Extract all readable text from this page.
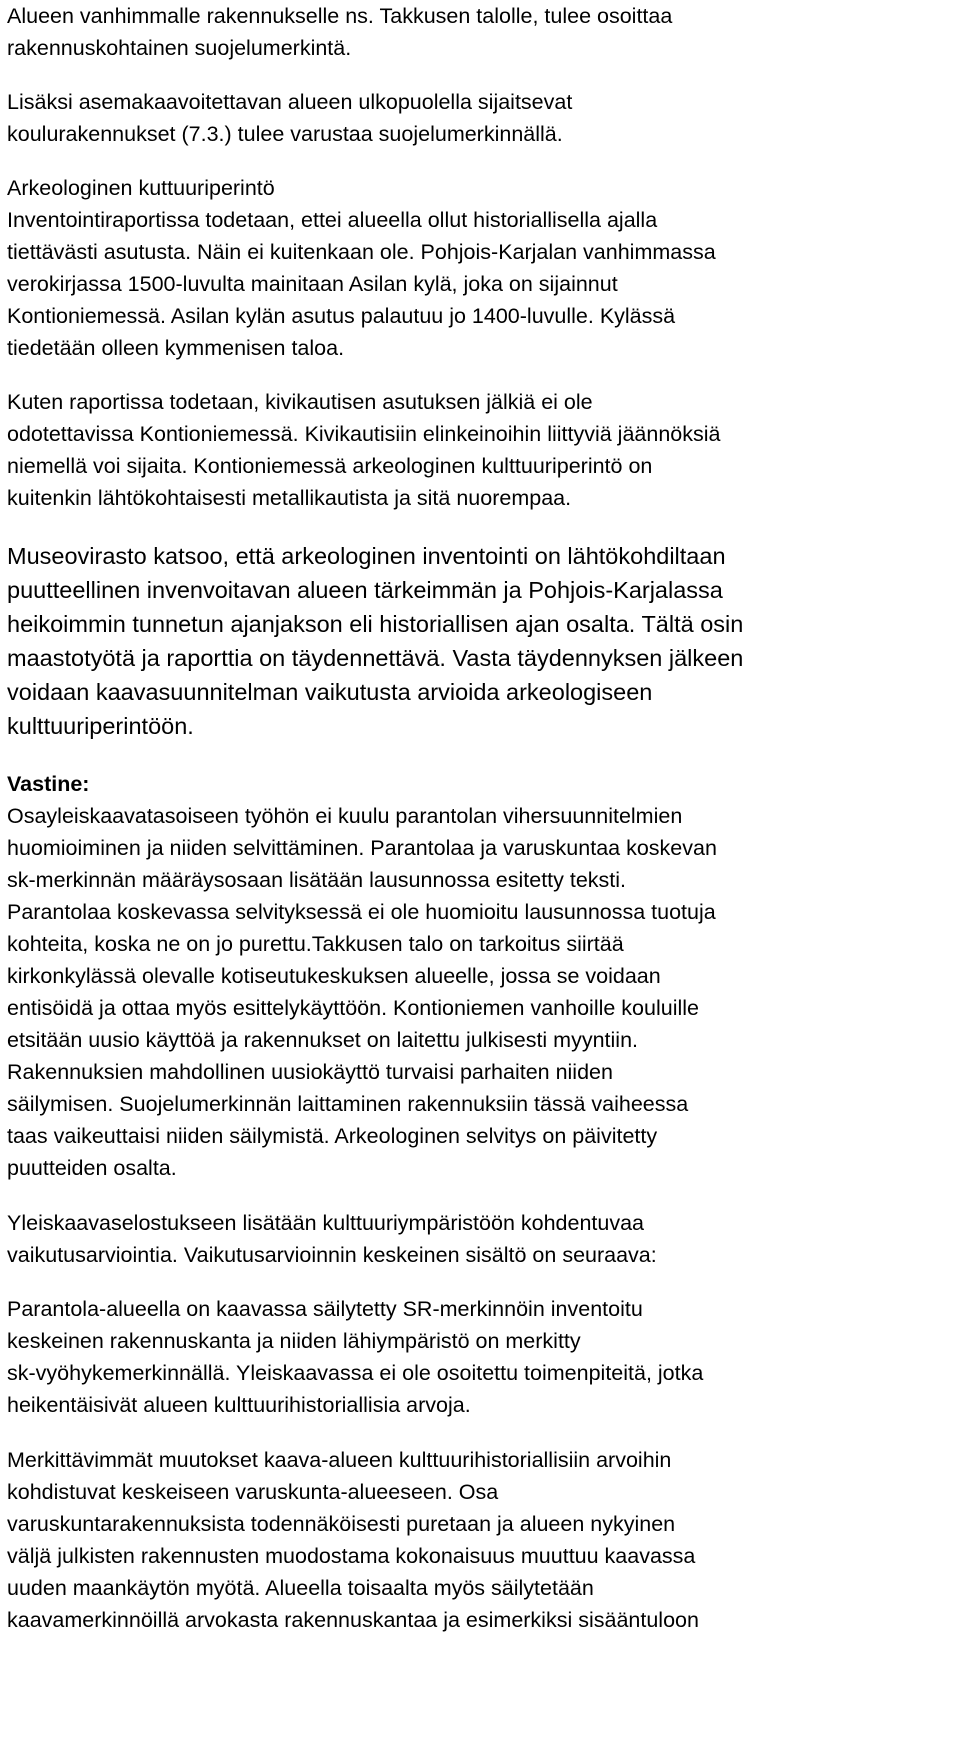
Alueen vanhimmalle rakennukselle ns. Takkusen talolle, tulee osoittaa
rakennuskohtainen suojelumerkintä.
Lisäksi asemakaavoitettavan alueen ulkopuolella sijaitsevat
koulurakennukset (7.3.) tulee varustaa suojelumerkinnällä.
Arkeologinen kuttuuriperintö
Inventointiraportissa todetaan, ettei alueella ollut historiallisella ajalla
tiettävästi asutusta. Näin ei kuitenkaan ole. Pohjois-Karjalan vanhimmassa
verokirjassa 1500-luvulta mainitaan Asilan kylä, joka on sijainnut
Kontioniemessä. Asilan kylän asutus palautuu jo 1400-luvulle. Kylässä
tiedetään olleen kymmenisen taloa.
Kuten raportissa todetaan, kivikautisen asutuksen jälkiä ei ole
odotettavissa Kontioniemessä. Kivikautisiin elinkeinoihin liittyviä jäännöksiä
niemellä voi sijaita. Kontioniemessä arkeologinen kulttuuriperintö on
kuitenkin lähtökohtaisesti metallikautista ja sitä nuorempaa.
Museovirasto katsoo, että arkeologinen inventointi on lähtökohdiltaan
puutteellinen invenvoitavan alueen tärkeimmän ja Pohjois-Karjalassa
heikoimmin tunnetun ajanjakson eli historiallisen ajan osalta. Tältä osin
maastotyötä ja raporttia on täydennettävä. Vasta täydennyksen jälkeen
voidaan kaavasuunnitelman vaikutusta arvioida arkeologiseen
kulttuuriperintöön.
Vastine:
Osayleiskaavatasoiseen työhön ei kuulu parantolan vihersuunnitelmien
huomioiminen ja niiden selvittäminen. Parantolaa ja varuskuntaa koskevan
sk-merkinnän määräysosaan lisätään lausunnossa esitetty teksti.
Parantolaa koskevassa selvityksessä ei ole huomioitu lausunnossa tuotuja
kohteita, koska ne on jo purettu.Takkusen talo on tarkoitus siirtää
kirkonkylässä olevalle kotiseutukeskuksen alueelle, jossa se voidaan
entisöidä ja ottaa myös esittelykäyttöön. Kontioniemen vanhoille kouluille
etsitään uusio käyttöä ja rakennukset on laitettu julkisesti myyntiin.
Rakennuksien mahdollinen uusiokäyttö turvaisi parhaiten niiden
säilymisen. Suojelumerkinnän laittaminen rakennuksiin tässä vaiheessa
taas vaikeuttaisi niiden säilymistä. Arkeologinen selvitys on päivitetty
puutteiden osalta.
Yleiskaavaselostukseen lisätään kulttuuriympäristöön kohdentuvaa
vaikutusarviointia. Vaikutusarvioinnin keskeinen sisältö on seuraava:
Parantola-alueella on kaavassa säilytetty SR-merkinnöin inventoitu
keskeinen rakennuskanta ja niiden lähiympäristö on merkitty
sk-vyöhykemerkinnällä. Yleiskaavassa ei ole osoitettu toimenpiteitä, jotka
heikentäisivät alueen kulttuurihistoriallisia arvoja.
Merkittävimmät muutokset kaava-alueen kulttuurihistoriallisiin arvoihin
kohdistuvat keskeiseen varuskunta-alueeseen. Osa
varuskuntarakennuksista todennäköisesti puretaan ja alueen nykyinen
väljä julkisten rakennusten muodostama kokonaisuus muuttuu kaavassa
uuden maankäytön myötä. Alueella toisaalta myös säilytetään
kaavamerkinnöillä arvokasta rakennuskantaa ja esimerkiksi sisääntuloon
